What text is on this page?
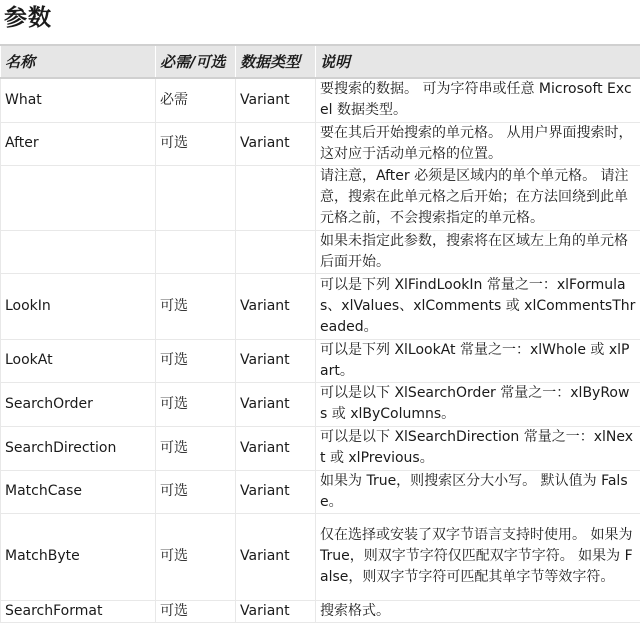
参数
名称	必需/可选	数据类型	说明
What	必需	Variant	要搜索的数据。 可为字符串或任意 Microsoft Excel 数据类型。
After	可选	Variant	要在其后开始搜索的单元格。 从用户界面搜索时，这对应于活动单元格的位置。
			请注意，After 必须是区域内的单个单元格。 请注意，搜索在此单元格之后开始；在方法回绕到此单元格之前，不会搜索指定的单元格。
			如果未指定此参数，搜索将在区域左上角的单元格后面开始。
LookIn	可选	Variant	可以是下列 XlFindLookIn 常量之一：xlFormulas、xlValues、xlComments 或 xlCommentsThreaded。
LookAt	可选	Variant	可以是下列 XlLookAt 常量之一：xlWhole 或 xlPart。
SearchOrder	可选	Variant	可以是以下 XlSearchOrder 常量之一：xlByRows 或 xlByColumns。
SearchDirection	可选	Variant	可以是以下 XlSearchDirection 常量之一：xlNext 或 xlPrevious。
MatchCase	可选	Variant	如果为 True，则搜索区分大小写。 默认值为 False。
MatchByte	可选	Variant	仅在选择或安装了双字节语言支持时使用。 如果为 True，则双字节字符仅匹配双字节字符。 如果为 False，则双字节字符可匹配其单字节等效字符。
SearchFormat	可选	Variant	搜索格式。
